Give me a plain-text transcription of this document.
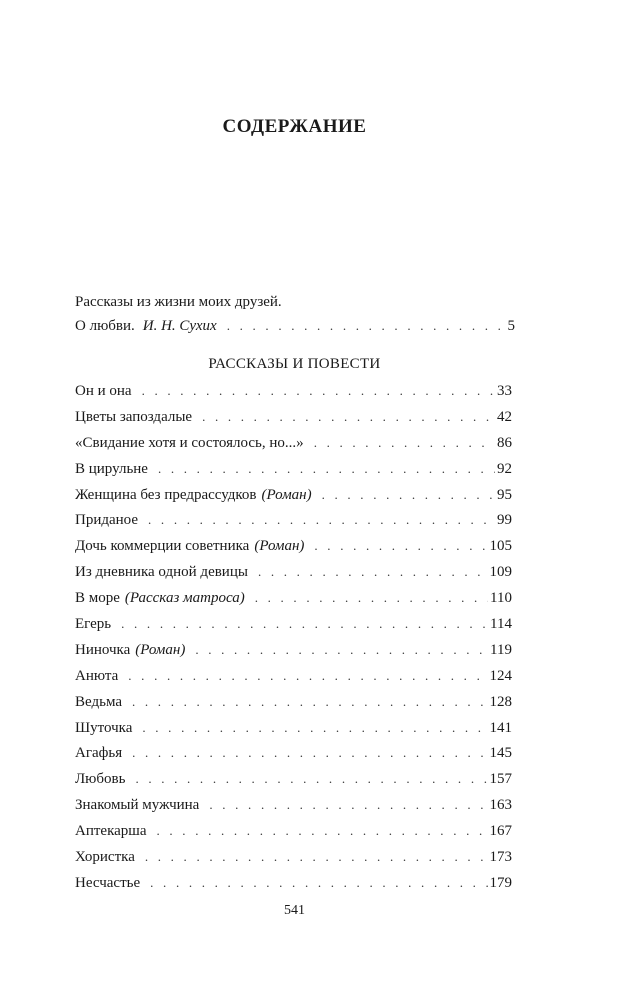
СОДЕРЖАНИЕ
Рассказы из жизни моих друзей.
О любви. И. Н. Сухих . . .	5
РАССКАЗЫ И ПОВЕСТИ
Он и она . . .	33
Цветы запоздалые . . .	42
«Свидание хотя и состоялось, но...» . . .	86
В цирульне . . .	92
Женщина без предрассудков (Роман) . . .	95
Приданое . . .	99
Дочь коммерции советника (Роман) . . .	105
Из дневника одной девицы . . .	109
В море (Рассказ матроса) . . .	110
Егерь . . .	114
Ниночка (Роман) . . .	119
Анюта . . .	124
Ведьма . . .	128
Шуточка . . .	141
Агафья . . .	145
Любовь . . .	157
Знакомый мужчина . . .	163
Аптекарша . . .	167
Хористка . . .	173
Несчастье . . .	179
541
